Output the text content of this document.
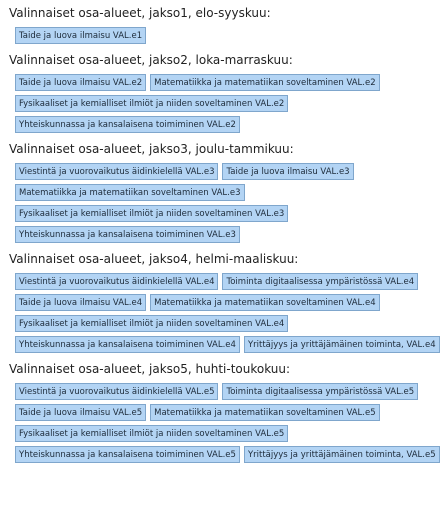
Valinnaiset osa-alueet, jakso1, elo-syyskuu:
Taide ja luova ilmaisu VAL.e1
Valinnaiset osa-alueet, jakso2, loka-marraskuu:
Taide ja luova ilmaisu VAL.e2	Matematiikka ja matematiikan soveltaminen VAL.e2
Fysikaaliset ja kemialliset ilmiöt ja niiden soveltaminen VAL.e2
Yhteiskunnassa ja kansalaisena toimiminen VAL.e2
Valinnaiset osa-alueet, jakso3, joulu-tammikuu:
Viestintä ja vuorovaikutus äidinkielellä VAL.e3	Taide ja luova ilmaisu VAL.e3
Matematiikka ja matematiikan soveltaminen VAL.e3
Fysikaaliset ja kemialliset ilmiöt ja niiden soveltaminen VAL.e3
Yhteiskunnassa ja kansalaisena toimiminen VAL.e3
Valinnaiset osa-alueet, jakso4, helmi-maaliskuu:
Viestintä ja vuorovaikutus äidinkielellä VAL.e4	Toiminta digitaalisessa ympäristössä VAL.e4
Taide ja luova ilmaisu VAL.e4	Matematiikka ja matematiikan soveltaminen VAL.e4
Fysikaaliset ja kemialliset ilmiöt ja niiden soveltaminen VAL.e4
Yhteiskunnassa ja kansalaisena toimiminen VAL.e4	Yrittäjyys ja yrittäjämäinen toiminta, VAL.e4
Valinnaiset osa-alueet, jakso5, huhti-toukokuu:
Viestintä ja vuorovaikutus äidinkielellä VAL.e5	Toiminta digitaalisessa ympäristössä VAL.e5
Taide ja luova ilmaisu VAL.e5	Matematiikka ja matematiikan soveltaminen VAL.e5
Fysikaaliset ja kemialliset ilmiöt ja niiden soveltaminen VAL.e5
Yhteiskunnassa ja kansalaisena toimiminen VAL.e5	Yrittäjyys ja yrittäjämäinen toiminta, VAL.e5
